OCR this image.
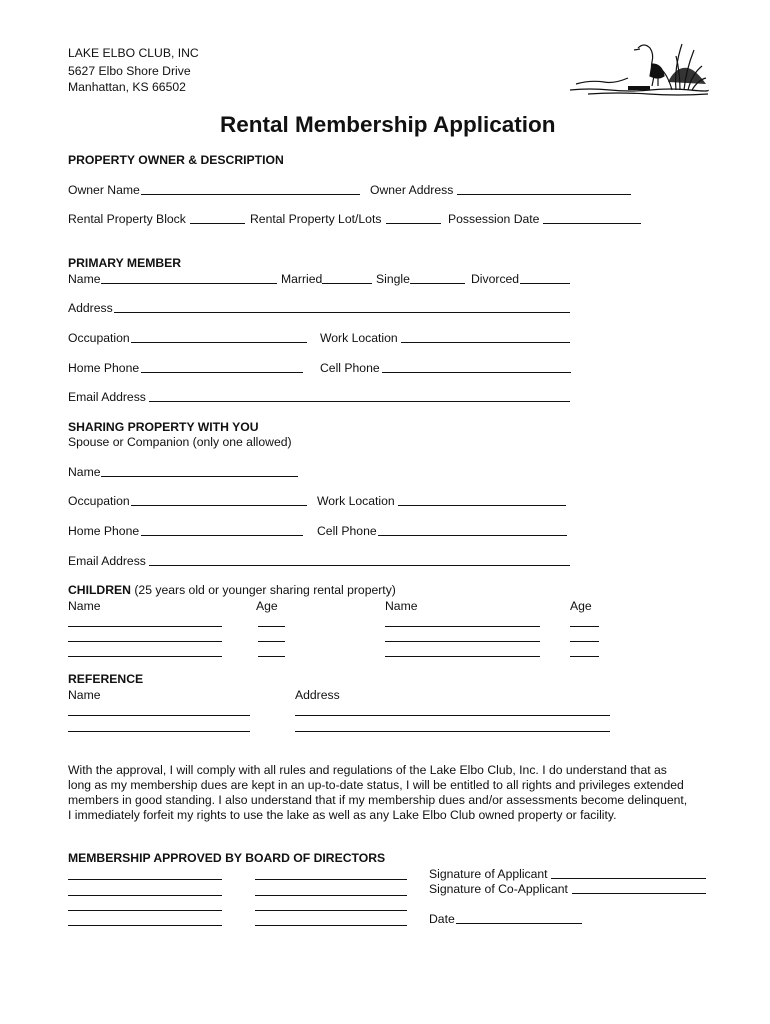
LAKE ELBO CLUB, INC
5627 Elbo Shore Drive
Manhattan, KS 66502
Rental Membership Application
PROPERTY OWNER & DESCRIPTION
Owner Name	Owner Address
Rental Property Block	Rental Property Lot/Lots	Possession Date
PRIMARY MEMBER
Name	Married	Single	Divorced
Address
Occupation	Work Location
Home Phone	Cell Phone
Email Address
SHARING PROPERTY WITH YOU
Spouse or Companion (only one allowed)
Name
Occupation	Work Location
Home Phone	Cell Phone
Email Address
CHILDREN (25 years old or younger sharing rental property)
Name	Age	Name	Age
REFERENCE
Name	Address
With the approval, I will comply with all rules and regulations of the Lake Elbo Club, Inc. I do understand that as
long as my membership dues are kept in an up-to-date status, I will be entitled to all rights and privileges extended
members in good standing. I also understand that if my membership dues and/or assessments become delinquent,
I immediately forfeit my rights to use the lake as well as any Lake Elbo Club owned property or facility.
MEMBERSHIP APPROVED BY BOARD OF DIRECTORS
Signature of Applicant
Signature of Co-Applicant
Date
